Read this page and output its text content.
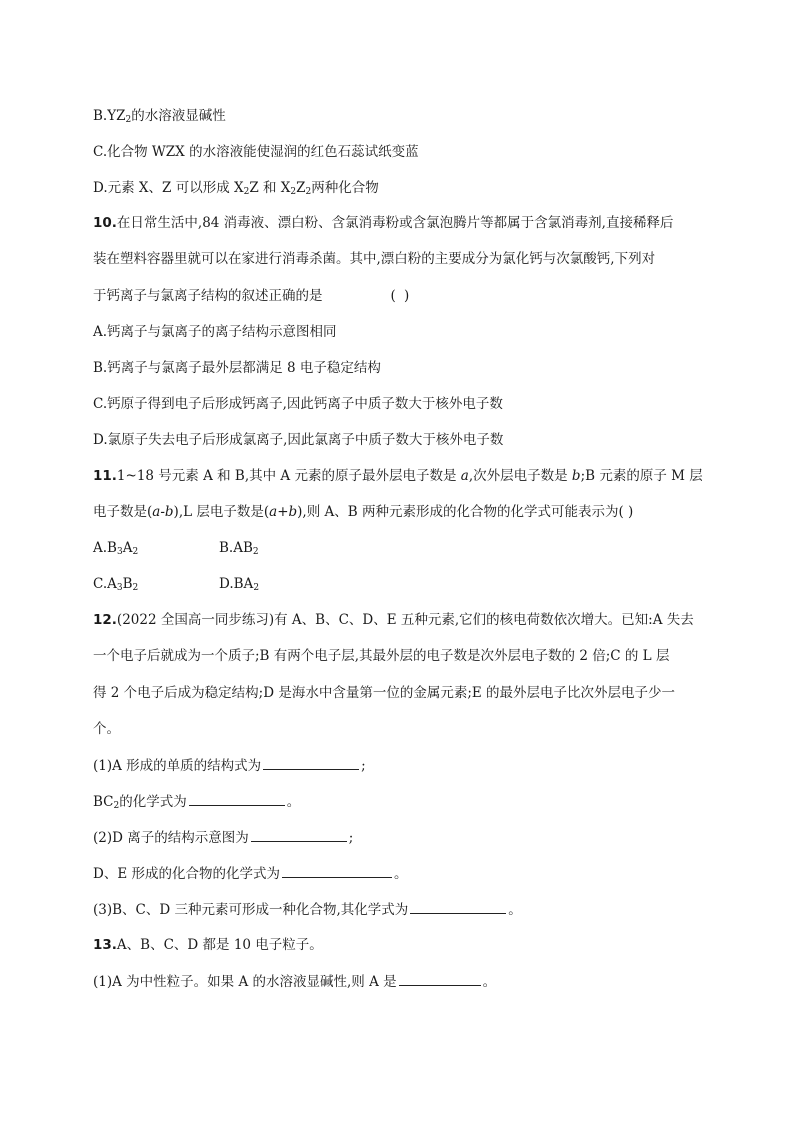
$B.YZ_2$的水溶液显碱性
C.化合物 WZX 的水溶液能使湿润的红色石蕊试纸变蓝
D.元素 X、Z 可以形成 $X_2Z$ 和 $X_2Z_2$两种化合物
10.在日常生活中,84 消毒液、漂白粉、含氯消毒粉或含氯泡腾片等都属于含氯消毒剂,直接稀释后
装在塑料容器里就可以在家进行消毒杀菌。其中,漂白粉的主要成分为氯化钙与次氯酸钙,下列对
于钙离子与氯离子结构的叙述正确的是	( )
A.钙离子与氯离子的离子结构示意图相同
B.钙离子与氯离子最外层都满足 8 电子稳定结构
C.钙原子得到电子后形成钙离子,因此钙离子中质子数大于核外电子数
D.氯原子失去电子后形成氯离子,因此氯离子中质子数大于核外电子数
11.1~18 号元素 A 和 B,其中 A 元素的原子最外层电子数是 a,次外层电子数是 b;B 元素的原子 M 层
电子数是(a-b),L 层电子数是(a+b),则 A、B 两种元素形成的化合物的化学式可能表示为( )
$A.B_3A_2$	$B.AB_2$
$C.A_3B_2$	$D.BA_2$
12.(2022 全国高一同步练习)有 A、B、C、D、E 五种元素,它们的核电荷数依次增大。已知:A 失去
一个电子后就成为一个质子;B 有两个电子层,其最外层的电子数是次外层电子数的 2 倍;C 的 L 层
得 2 个电子后成为稳定结构;D 是海水中含量第一位的金属元素;E 的最外层电子比次外层电子少一
个。
(1)A 形成的单质的结构式为	;
$BC_2$的化学式为	。
(2)D 离子的结构示意图为	;
D、E 形成的化合物的化学式为	。
(3)B、C、D 三种元素可形成一种化合物,其化学式为	。
13.A、B、C、D 都是 10 电子粒子。
(1)A 为中性粒子。如果 A 的水溶液显碱性,则 A 是	。
